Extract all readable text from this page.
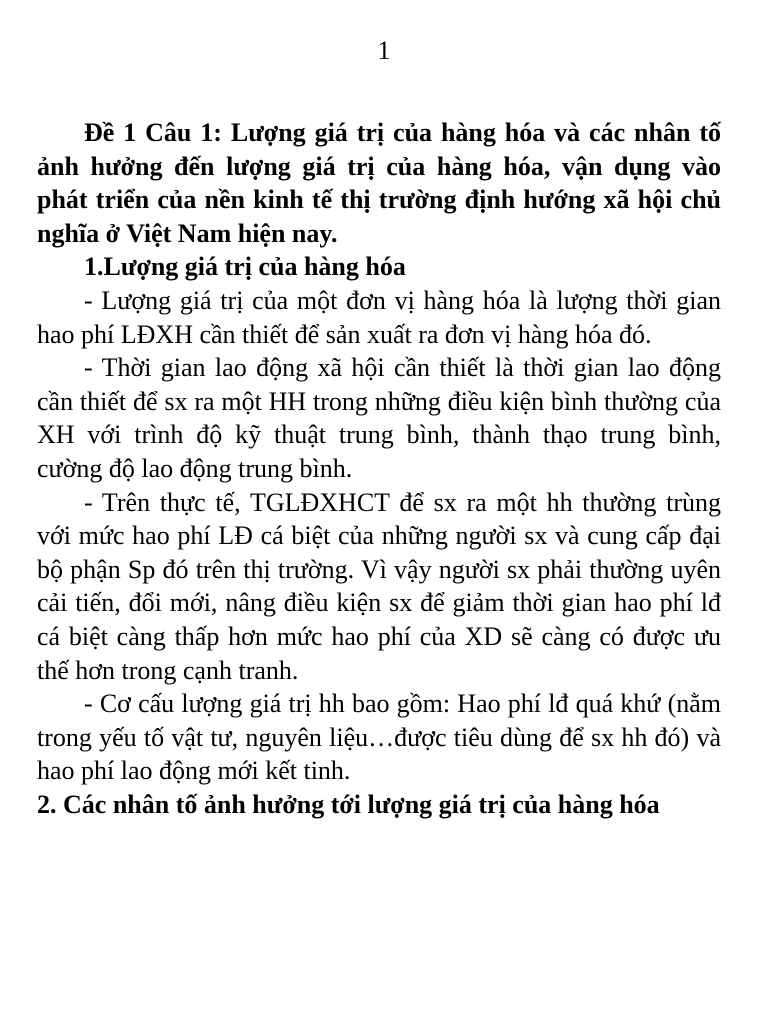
1

Đề 1 Câu 1: Lượng giá trị của hàng hóa và các nhân tố ảnh hưởng đến lượng giá trị của hàng hóa, vận dụng vào phát triển của nền kinh tế thị trường định hướng xã hội chủ nghĩa ở Việt Nam hiện nay.

1.Lượng giá trị của hàng hóa

- Lượng giá trị của một đơn vị hàng hóa là lượng thời gian hao phí LĐXH cần thiết để sản xuất ra đơn vị hàng hóa đó.

- Thời gian lao động xã hội cần thiết là thời gian lao động cần thiết để sx ra một HH trong những điều kiện bình thường của XH với trình độ kỹ thuật trung bình, thành thạo trung bình, cường độ lao động trung bình.

- Trên thực tế, TGLĐXHCT để sx ra một hh thường trùng với mức hao phí LĐ cá biệt của những người sx và cung cấp đại bộ phận Sp đó trên thị trường. Vì vậy người sx phải thường uyên cải tiến, đổi mới, nâng điều kiện sx để giảm thời gian hao phí lđ cá biệt càng thấp hơn mức hao phí của XD sẽ càng có được ưu thế hơn trong cạnh tranh.

- Cơ cấu lượng giá trị hh bao gồm: Hao phí lđ quá khứ (nằm trong yếu tố vật tư, nguyên liệu…được tiêu dùng để sx hh đó) và hao phí lao động mới kết tinh.

2. Các nhân tố ảnh hưởng tới lượng giá trị của hàng hóa
